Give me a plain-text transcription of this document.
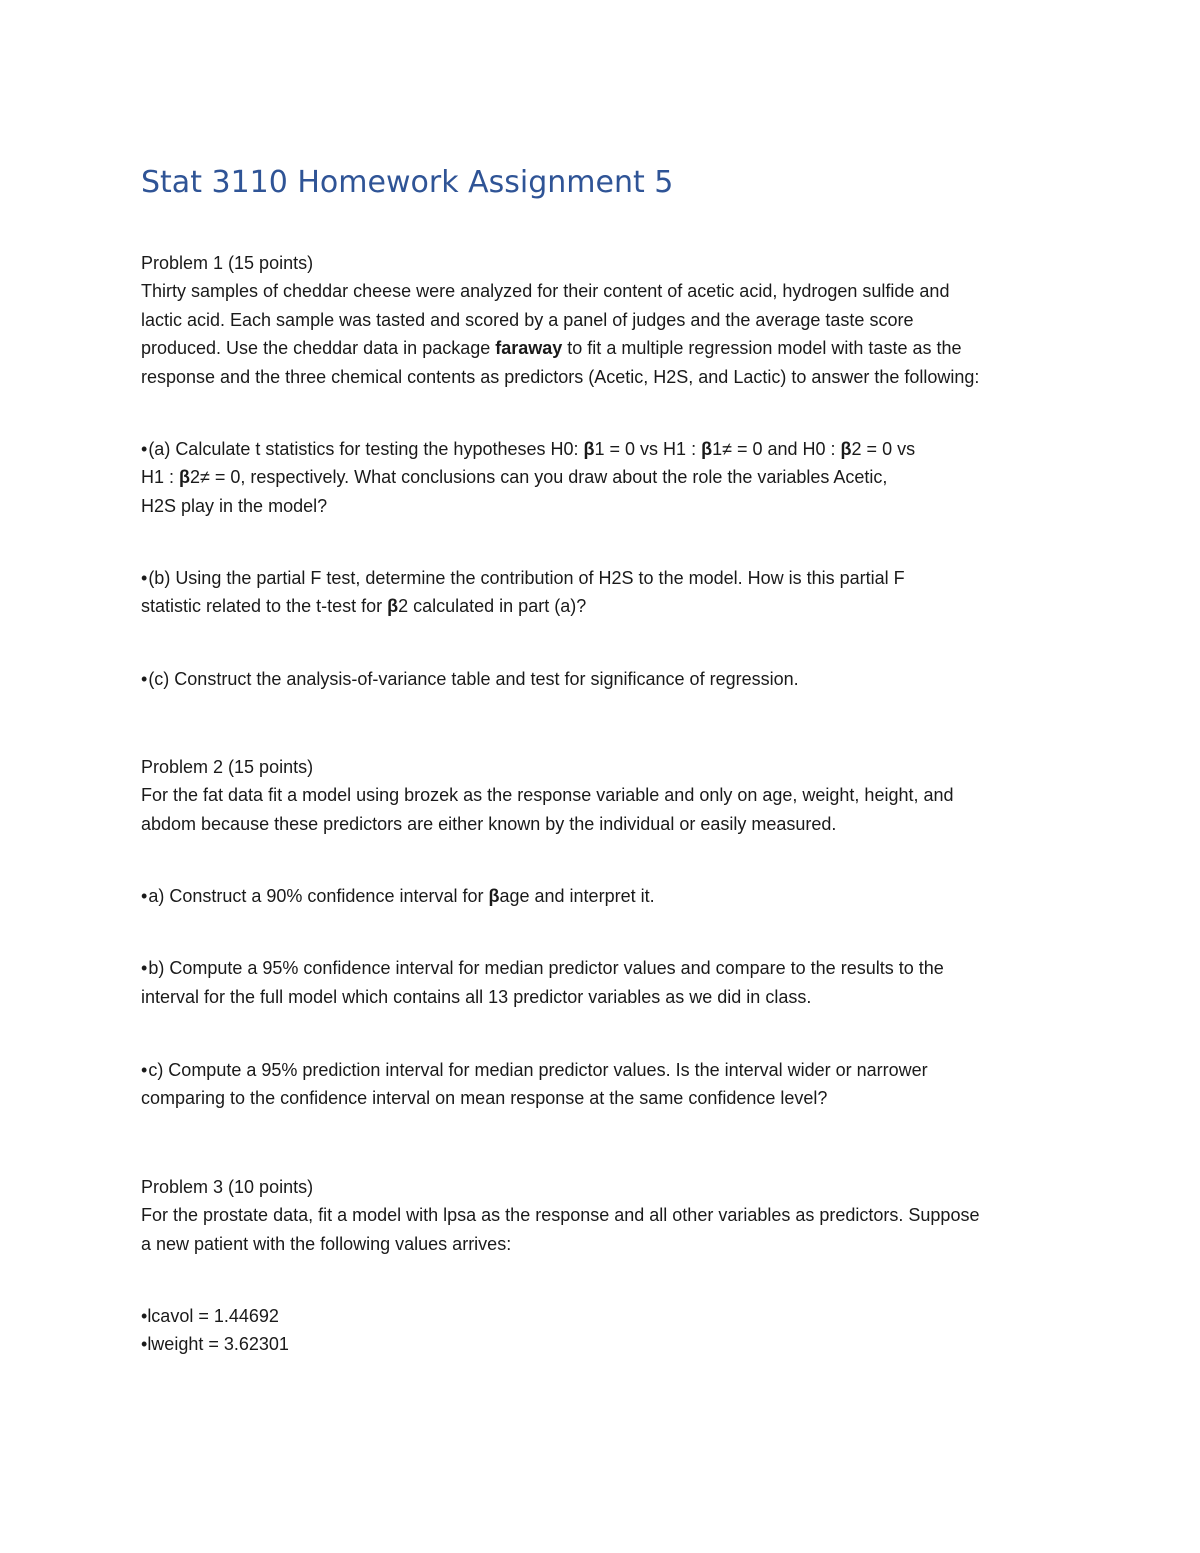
Stat 3110 Homework Assignment 5

Problem 1 (15 points)

Thirty samples of cheddar cheese were analyzed for their content of acetic acid, hydrogen sulfide and

lactic acid. Each sample was tasted and scored by a panel of judges and the average taste score

produced. Use the cheddar data in package faraway to fit a multiple regression model with taste as the

response and the three chemical contents as predictors (Acetic, H2S, and Lactic) to answer the following:

•(a) Calculate t statistics for testing the hypotheses H0: β1 = 0 vs H1 : β1≠ = 0 and H0 : β2 = 0 vs

H1 : β2≠ = 0, respectively. What conclusions can you draw about the role the variables Acetic,

H2S play in the model?

•(b) Using the partial F test, determine the contribution of H2S to the model. How is this partial F

statistic related to the t-test for β2 calculated in part (a)?

•(c) Construct the analysis-of-variance table and test for significance of regression.

Problem 2 (15 points)

For the fat data fit a model using brozek as the response variable and only on age, weight, height, and

abdom because these predictors are either known by the individual or easily measured.

•a) Construct a 90% confidence interval for βage and interpret it.

•b) Compute a 95% confidence interval for median predictor values and compare to the results to the

interval for the full model which contains all 13 predictor variables as we did in class.

•c) Compute a 95% prediction interval for median predictor values. Is the interval wider or narrower

comparing to the confidence interval on mean response at the same confidence level?

Problem 3 (10 points)

For the prostate data, fit a model with lpsa as the response and all other variables as predictors. Suppose

a new patient with the following values arrives:

•lcavol = 1.44692

•lweight = 3.62301
